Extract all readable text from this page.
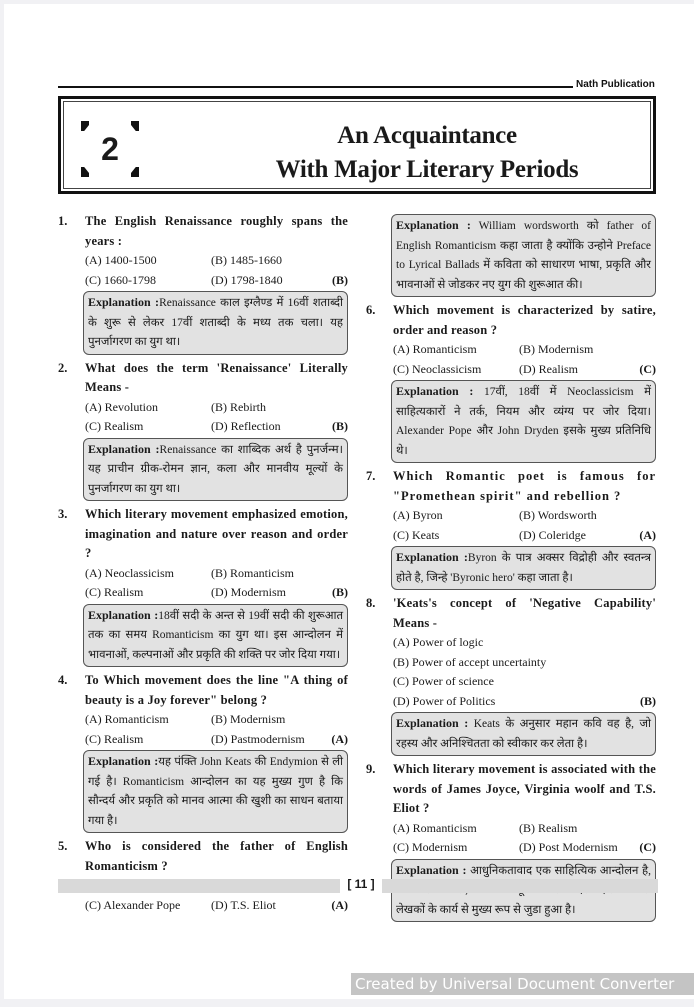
Nath Publication
2	An Acquaintance
With Major Literary Periods
1.	The English Renaissance roughly spans the years :
(A) 1400-1500	(B) 1485-1660
(C) 1660-1798	(D) 1798-1840	(B)
Explanation :Renaissance काल इग्लैण्ड में 16वीं शताब्दी के शुरू से लेकर 17वीं शताब्दी के मध्य तक चला। यह पुनर्जागरण का युग था।
2.	What does the term 'Renaissance' Literally Means -
(A) Revolution	(B) Rebirth
(C) Realism	(D) Reflection	(B)
Explanation :Renaissance का शाब्दिक अर्थ है पुनर्जन्म। यह प्राचीन ग्रीक-रोमन ज्ञान, कला और मानवीय मूल्यों के पुनर्जागरण का युग था।
3.	Which literary movement emphasized emotion, imagination and nature over reason and order ?
(A) Neoclassicism	(B) Romanticism
(C) Realism	(D) Modernism	(B)
Explanation :18वीं सदी के अन्त से 19वीं सदी की शुरूआत तक का समय Romanticism का युग था। इस आन्दोलन में भावनाओं, कल्पनाओं और प्रकृति की शक्ति पर जोर दिया गया।
4.	To Which movement does the line "A thing of beauty is a Joy forever" belong ?
(A) Romanticism	(B) Modernism
(C) Realism	(D) Pastmodernism	(A)
Explanation :यह पंक्ति John Keats की Endymion से ली गई है। Romanticism आन्दोलन का यह मुख्य गुण है कि सौन्दर्य और प्रकृति को मानव आत्मा की खुशी का साधन बताया गया है।
5.	Who is considered the father of English Romanticism ?
(C) Alexander Pope	(D) T.S. Eliot	(A)
Explanation : William wordsworth को father of English Romanticism कहा जाता है क्योंकि उन्होने Preface to Lyrical Ballads में कविता को साधारण भाषा, प्रकृति और भावनाओं से जोडकर नए युग की शुरूआत की।
6.	Which movement is characterized by satire, order and reason ?
(A) Romanticism	(B) Modernism
(C) Neoclassicism	(D) Realism	(C)
Explanation : 17वीं, 18वीं में Neoclassicism में साहित्यकारों ने तर्क, नियम और व्यंग्य पर जोर दिया। Alexander Pope और John Dryden इसके मुख्य प्रतिनिधि थे।
7.	Which Romantic poet is famous for "Promethean spirit" and rebellion ?
(A) Byron	(B) Wordsworth
(C) Keats	(D) Coleridge	(A)
Explanation :Byron के पात्र अक्सर विद्रोही और स्वतन्त्र होते है, जिन्हे 'Byronic hero' कहा जाता है।
8.	'Keats's concept of 'Negative Capability' Means -
(A) Power of logic
(B) Power of accept uncertainty
(C) Power of science
(D) Power of Politics	(B)
Explanation : Keats के अनुसार महान कवि वह है, जो रहस्य और अनिश्चितता को स्वीकार कर लेता है।
9.	Which literary movement is associated with the words of James Joyce, Virginia woolf and T.S. Eliot ?
(A) Romanticism	(B) Realism
(C) Modernism	(D) Post Modernism	(C)
Explanation : आधुनिकतावाद एक साहित्यिक आन्दोलन है, लेखकों के कार्य से मुख्य रूप से जुडा हुआ है।
[ 11 ]
Created by Universal Document Converter
